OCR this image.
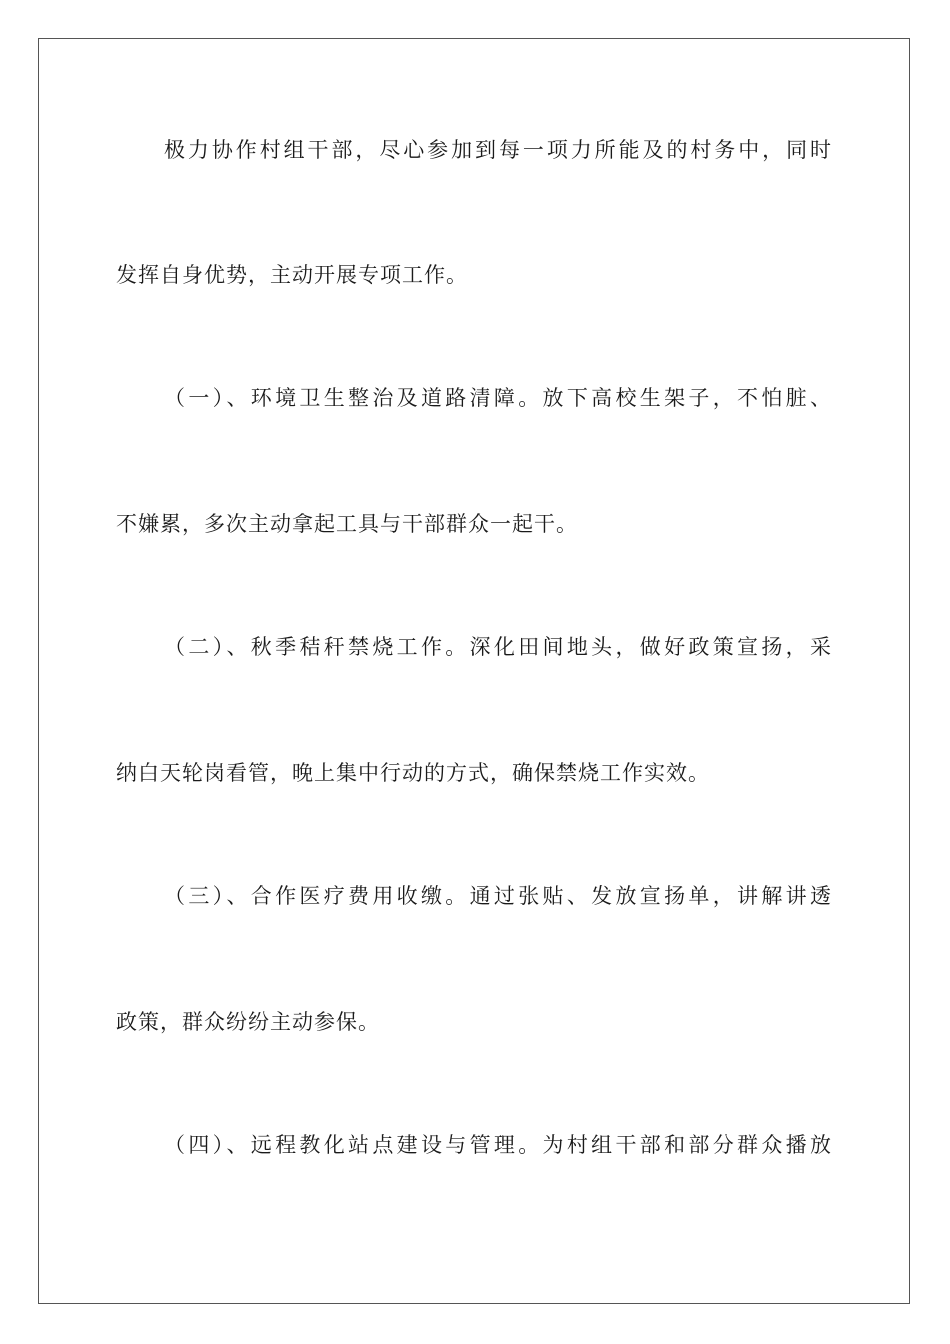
极力协作村组干部，尽心参加到每一项力所能及的村务中，同时
发挥自身优势，主动开展专项工作。
（一）、环境卫生整治及道路清障。放下高校生架子，不怕脏、
不嫌累，多次主动拿起工具与干部群众一起干。
（二）、秋季秸秆禁烧工作。深化田间地头，做好政策宣扬，采
纳白天轮岗看管，晚上集中行动的方式，确保禁烧工作实效。
（三）、合作医疗费用收缴。通过张贴、发放宣扬单，讲解讲透
政策，群众纷纷主动参保。
（四）、远程教化站点建设与管理。为村组干部和部分群众播放
